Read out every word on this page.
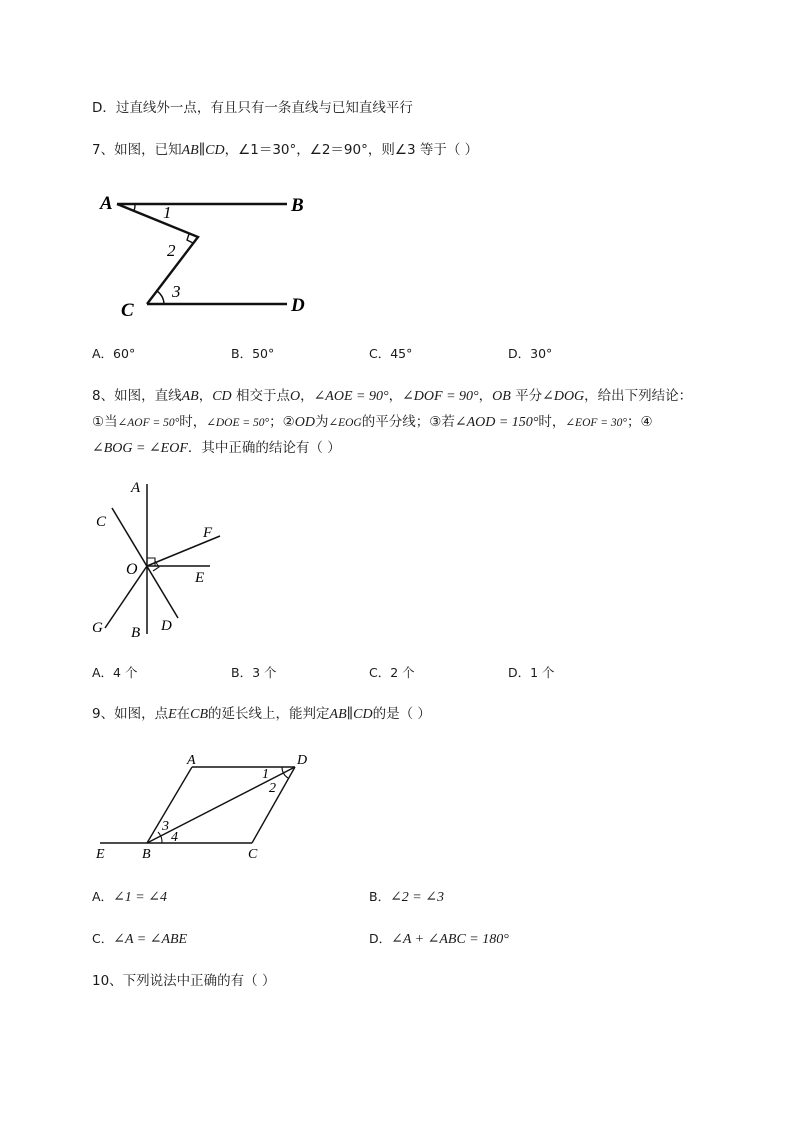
D．过直线外一点，有且只有一条直线与已知直线平行
7、如图，已知AB∥CD，∠1＝30°，∠2＝90°，则∠3 等于（ ）
A	B
C	D
1
2
3
A．60°	B．50°	C．45°	D．30°
8、如图，直线AB，CD 相交于点O，∠AOE = 90°，∠DOF = 90°，OB 平分∠DOG，给出下列结论：
①当∠AOF = 50°时，∠DOE = 50°；②OD为∠EOG的平分线；③若∠AOD = 150°时，∠EOF = 30°；④
∠BOG = ∠EOF．其中正确的结论有（ ）
A
C
F
O	E
G B D
A．4 个	B．3 个	C．2 个	D．1 个
9、如图，点E在CB的延长线上，能判定AB∥CD的是（ ）
A	D
E	B	C
1
2
3
4
A．∠1 = ∠4	B．∠2 = ∠3
C．∠A = ∠ABE	D．∠A + ∠ABC = 180°
10、下列说法中正确的有（ ）
